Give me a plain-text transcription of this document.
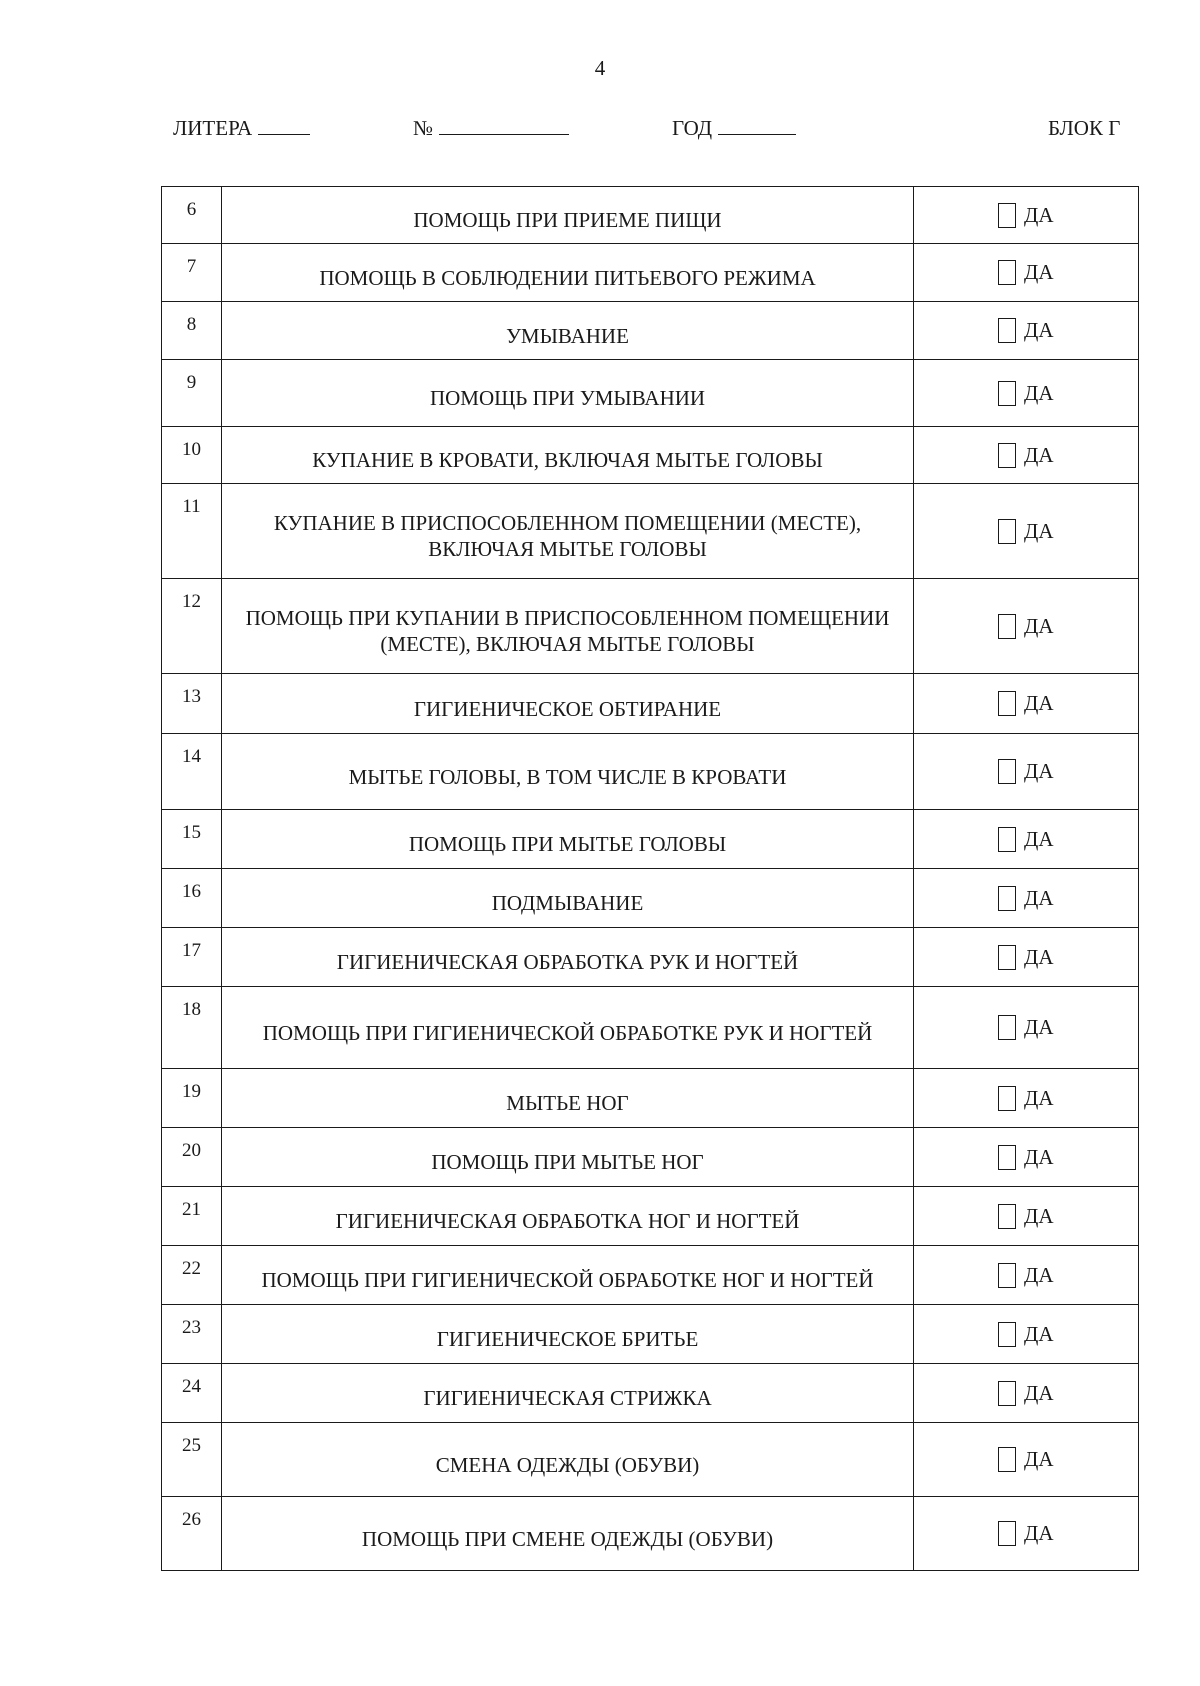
4
ЛИТЕРА	№	ГОД	БЛОК Г
6	ПОМОЩЬ ПРИ ПРИЕМЕ ПИЩИ	ДА

7	ПОМОЩЬ В СОБЛЮДЕНИИ ПИТЬЕВОГО РЕЖИМА	ДА

8	УМЫВАНИЕ	ДА

9	ПОМОЩЬ ПРИ УМЫВАНИИ	ДА

10	КУПАНИЕ В КРОВАТИ, ВКЛЮЧАЯ МЫТЬЕ ГОЛОВЫ	ДА

11	КУПАНИЕ В ПРИСПОСОБЛЕННОМ ПОМЕЩЕНИИ (МЕСТЕ), ВКЛЮЧАЯ МЫТЬЕ ГОЛОВЫ	ДА

12	ПОМОЩЬ ПРИ КУПАНИИ В ПРИСПОСОБЛЕННОМ ПОМЕЩЕНИИ (МЕСТЕ), ВКЛЮЧАЯ МЫТЬЕ ГОЛОВЫ	ДА

13	ГИГИЕНИЧЕСКОЕ ОБТИРАНИЕ	ДА

14	МЫТЬЕ ГОЛОВЫ, В ТОМ ЧИСЛЕ В КРОВАТИ	ДА

15	ПОМОЩЬ ПРИ МЫТЬЕ ГОЛОВЫ	ДА

16	ПОДМЫВАНИЕ	ДА

17	ГИГИЕНИЧЕСКАЯ ОБРАБОТКА РУК И НОГТЕЙ	ДА

18	ПОМОЩЬ ПРИ ГИГИЕНИЧЕСКОЙ ОБРАБОТКЕ РУК И НОГТЕЙ	ДА

19	МЫТЬЕ НОГ	ДА

20	ПОМОЩЬ ПРИ МЫТЬЕ НОГ	ДА

21	ГИГИЕНИЧЕСКАЯ ОБРАБОТКА НОГ И НОГТЕЙ	ДА

22	ПОМОЩЬ ПРИ ГИГИЕНИЧЕСКОЙ ОБРАБОТКЕ НОГ И НОГТЕЙ	ДА

23	ГИГИЕНИЧЕСКОЕ БРИТЬЕ	ДА

24	ГИГИЕНИЧЕСКАЯ СТРИЖКА	ДА

25	СМЕНА ОДЕЖДЫ (ОБУВИ)	ДА

26	ПОМОЩЬ ПРИ СМЕНЕ ОДЕЖДЫ (ОБУВИ)	ДА
